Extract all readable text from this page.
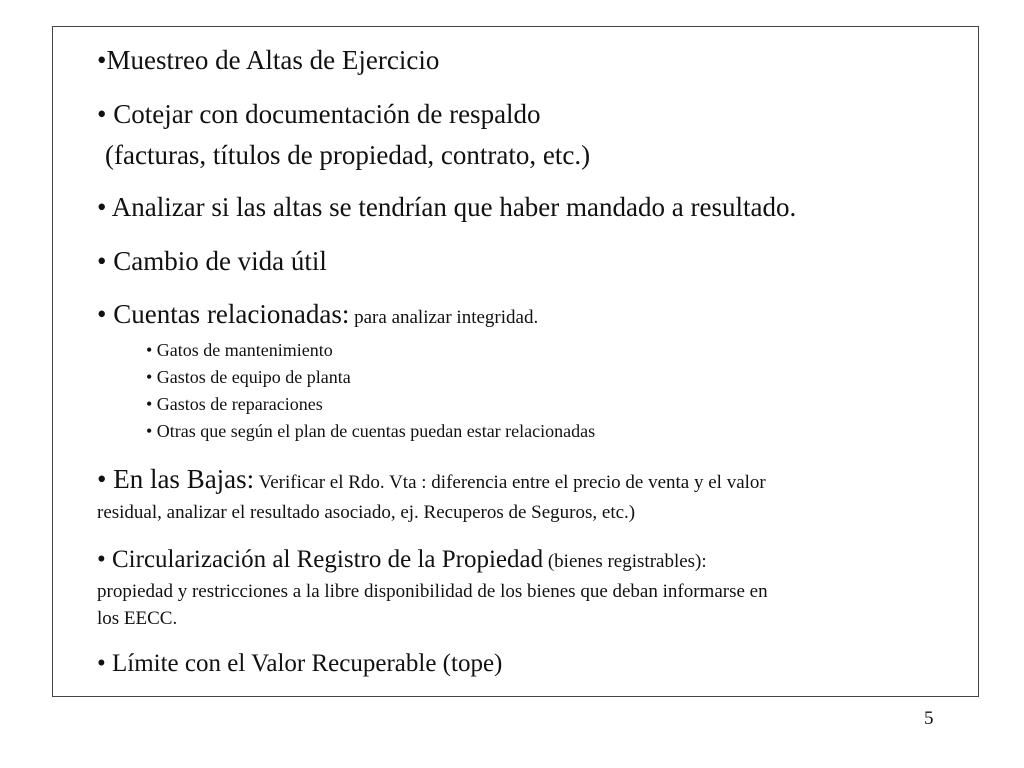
•Muestreo de Altas de Ejercicio
• Cotejar con documentación de respaldo
(facturas, títulos de propiedad, contrato, etc.)
• Analizar si las altas se tendrían que haber mandado a resultado.
• Cambio de vida útil
• Cuentas relacionadas: para analizar integridad.
• Gatos de mantenimiento
• Gastos de equipo de planta
• Gastos de reparaciones
• Otras que según el plan de cuentas puedan estar relacionadas
• En las Bajas: Verificar el Rdo. Vta : diferencia entre el precio de venta y el valor
residual, analizar el resultado asociado, ej. Recuperos de Seguros, etc.)
• Circularización al Registro de la Propiedad (bienes registrables):
propiedad y restricciones a la libre disponibilidad de los bienes que deban informarse en
los EECC.
• Límite con el Valor Recuperable (tope)
5
